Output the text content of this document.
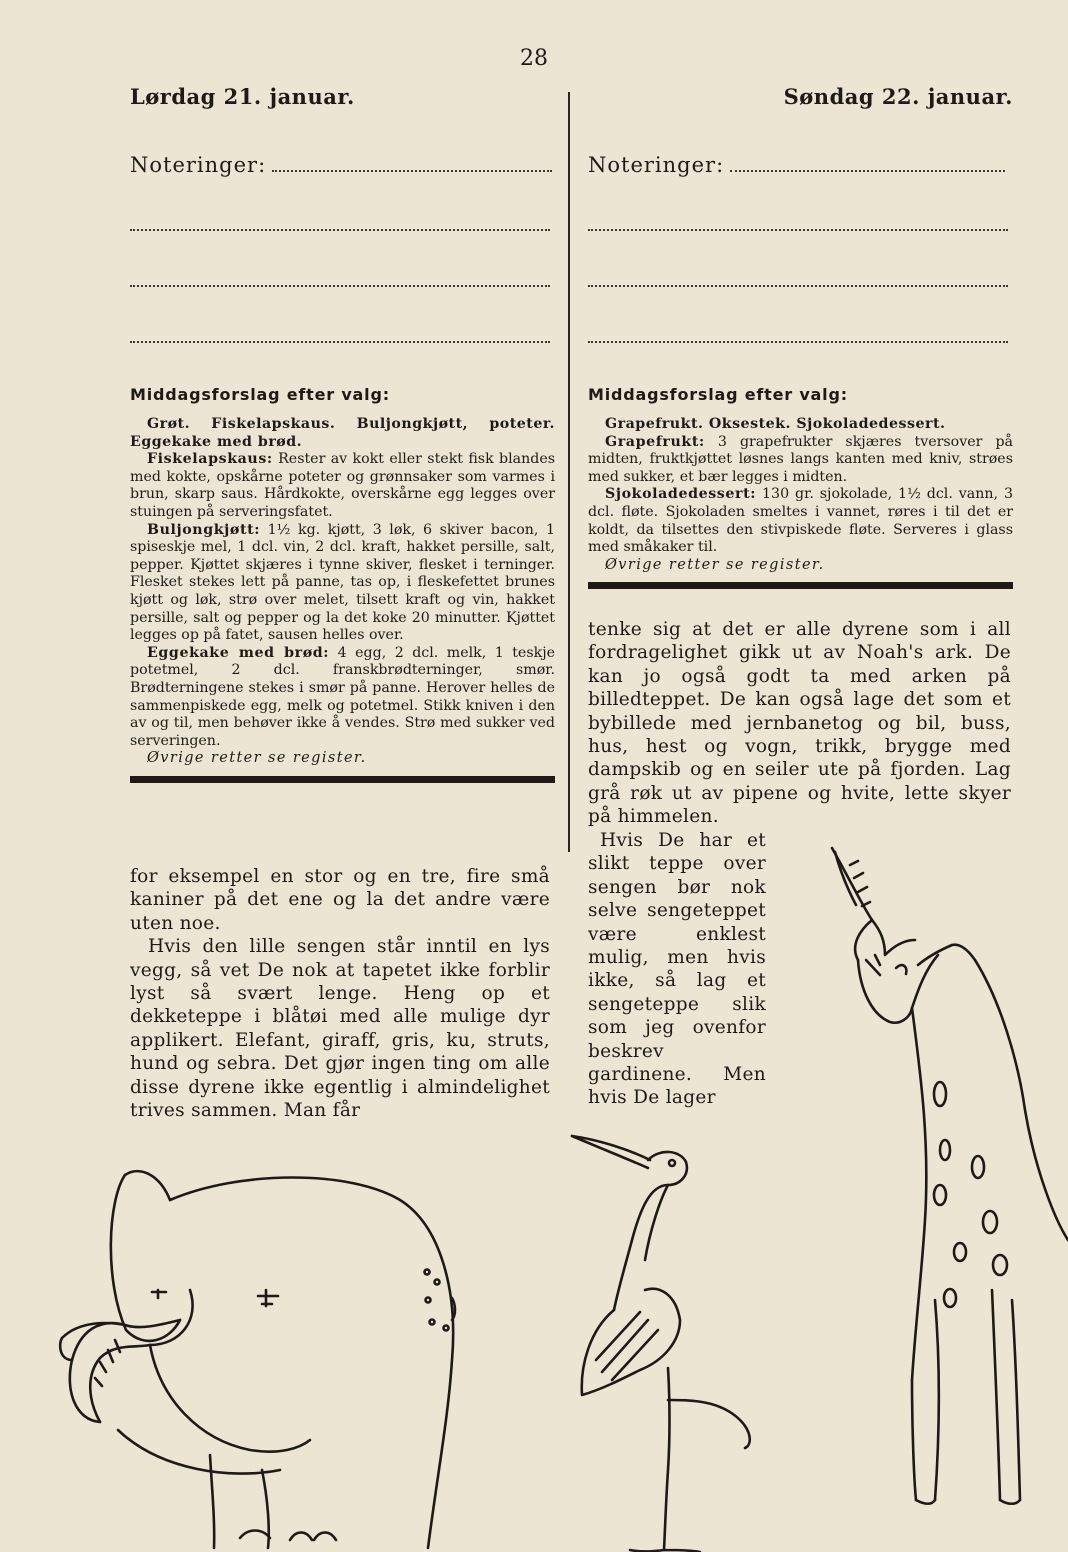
28
Lørdag 21. januar.
Noteringer:
Middagsforslag efter valg:

Grøt. Fiskelapskaus. Buljongkjøtt, poteter. Eggekake med brød.

Fiskelapskaus: Rester av kokt eller stekt fisk blandes med kokte, opskårne poteter og grønnsaker som varmes i brun, skarp saus. Hårdkokte, overskårne egg legges over stuingen på serveringsfatet.

Buljongkjøtt: 1½ kg. kjøtt, 3 løk, 6 skiver bacon, 1 spiseskje mel, 1 dcl. vin, 2 dcl. kraft, hakket persille, salt, pepper. Kjøttet skjæres i tynne skiver, flesket i terninger. Flesket stekes lett på panne, tas op, i fleskefettet brunes kjøtt og løk, strø over melet, tilsett kraft og vin, hakket persille, salt og pepper og la det koke 20 minutter. Kjøttet legges op på fatet, sausen helles over.

Eggekake med brød: 4 egg, 2 dcl. melk, 1 teskje potetmel, 2 dcl. franskbrødterninger, smør. Brødterningene stekes i smør på panne. Herover helles de sammenpiskede egg, melk og potetmel. Stikk kniven i den av og til, men behøver ikke å vendes. Strø med sukker ved serveringen.

Øvrige retter se register.

for eksempel en stor og en tre, fire små kaniner på det ene og la det andre være uten noe.

Hvis den lille sengen står inntil en lys vegg, så vet De nok at tapetet ikke forblir lyst så svært lenge. Heng op et dekketeppe i blåtøi med alle mulige dyr applikert. Elefant, giraff, gris, ku, struts, hund og sebra. Det gjør ingen ting om alle disse dyrene ikke egentlig i almindelighet trives sammen. Man får

Søndag 22. januar.
Noteringer:
Middagsforslag efter valg:

Grapefrukt. Oksestek. Sjokoladedessert.

Grapefrukt: 3 grapefrukter skjæres tversover på midten, fruktkjøttet løsnes langs kanten med kniv, strøes med sukker, et bær legges i midten.

Sjokoladedessert: 130 gr. sjokolade, 1½ dcl. vann, 3 dcl. fløte. Sjokoladen smeltes i vannet, røres i til det er koldt, da tilsettes den stivpiskede fløte. Serveres i glass med småkaker til.

Øvrige retter se register.

tenke sig at det er alle dyrene som i all fordragelighet gikk ut av Noah's ark. De kan jo også godt ta med arken på billedteppet. De kan også lage det som et bybillede med jernbanetog og bil, buss, hus, hest og vogn, trikk, brygge med dampskib og en seiler ute på fjorden. Lag grå røk ut av pipene og hvite, lette skyer på himmelen.

Hvis De har et slikt teppe over sengen bør nok selve sengeteppet være enklest mulig, men hvis ikke, så lag et sengeteppe slik som jeg ovenfor beskrev gardinene. Men hvis De lager
